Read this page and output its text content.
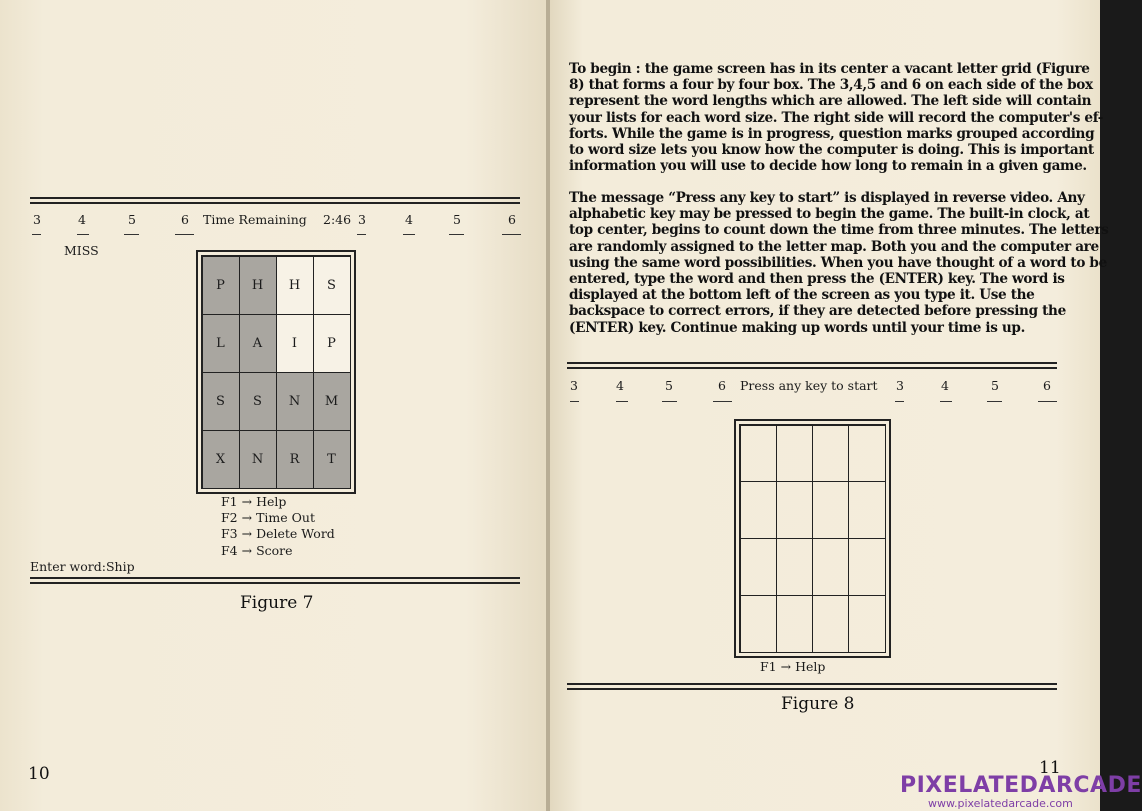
3	4	5	6	Time Remaining 2:46 3	4	5	6
MISS
P	H	H	S
L	A	I	P
S	S	N	M
X	N	R	T
F1 → Help
F2 → Time Out
F3 → Delete Word
F4 → Score
Enter word:Ship
Figure 7
10
To begin : the game screen has in its center a vacant letter grid (Figure
8) that forms a four by four box. The 3,4,5 and 6 on each side of the box
represent the word lengths which are allowed. The left side will contain
your lists for each word size. The right side will record the computer's ef-
forts. While the game is in progress, question marks grouped according
to word size lets you know how the computer is doing. This is important
information you will use to decide how long to remain in a given game.
The message “Press any key to start” is displayed in reverse video. Any
alphabetic key may be pressed to begin the game. The built-in clock, at
top center, begins to count down the time from three minutes. The letters
are randomly assigned to the letter map. Both you and the computer are
using the same word possibilities. When you have thought of a word to be
entered, type the word and then press the (ENTER) key. The word is
displayed at the bottom left of the screen as you type it. Use the
backspace to correct errors, if they are detected before pressing the
(ENTER) key. Continue making up words until your time is up.
3	4	5	6	Press any key to start	3	4	5	6
F1 → Help
Figure 8
11
PIXELATEDARCADE
www.pixelatedarcade.com
